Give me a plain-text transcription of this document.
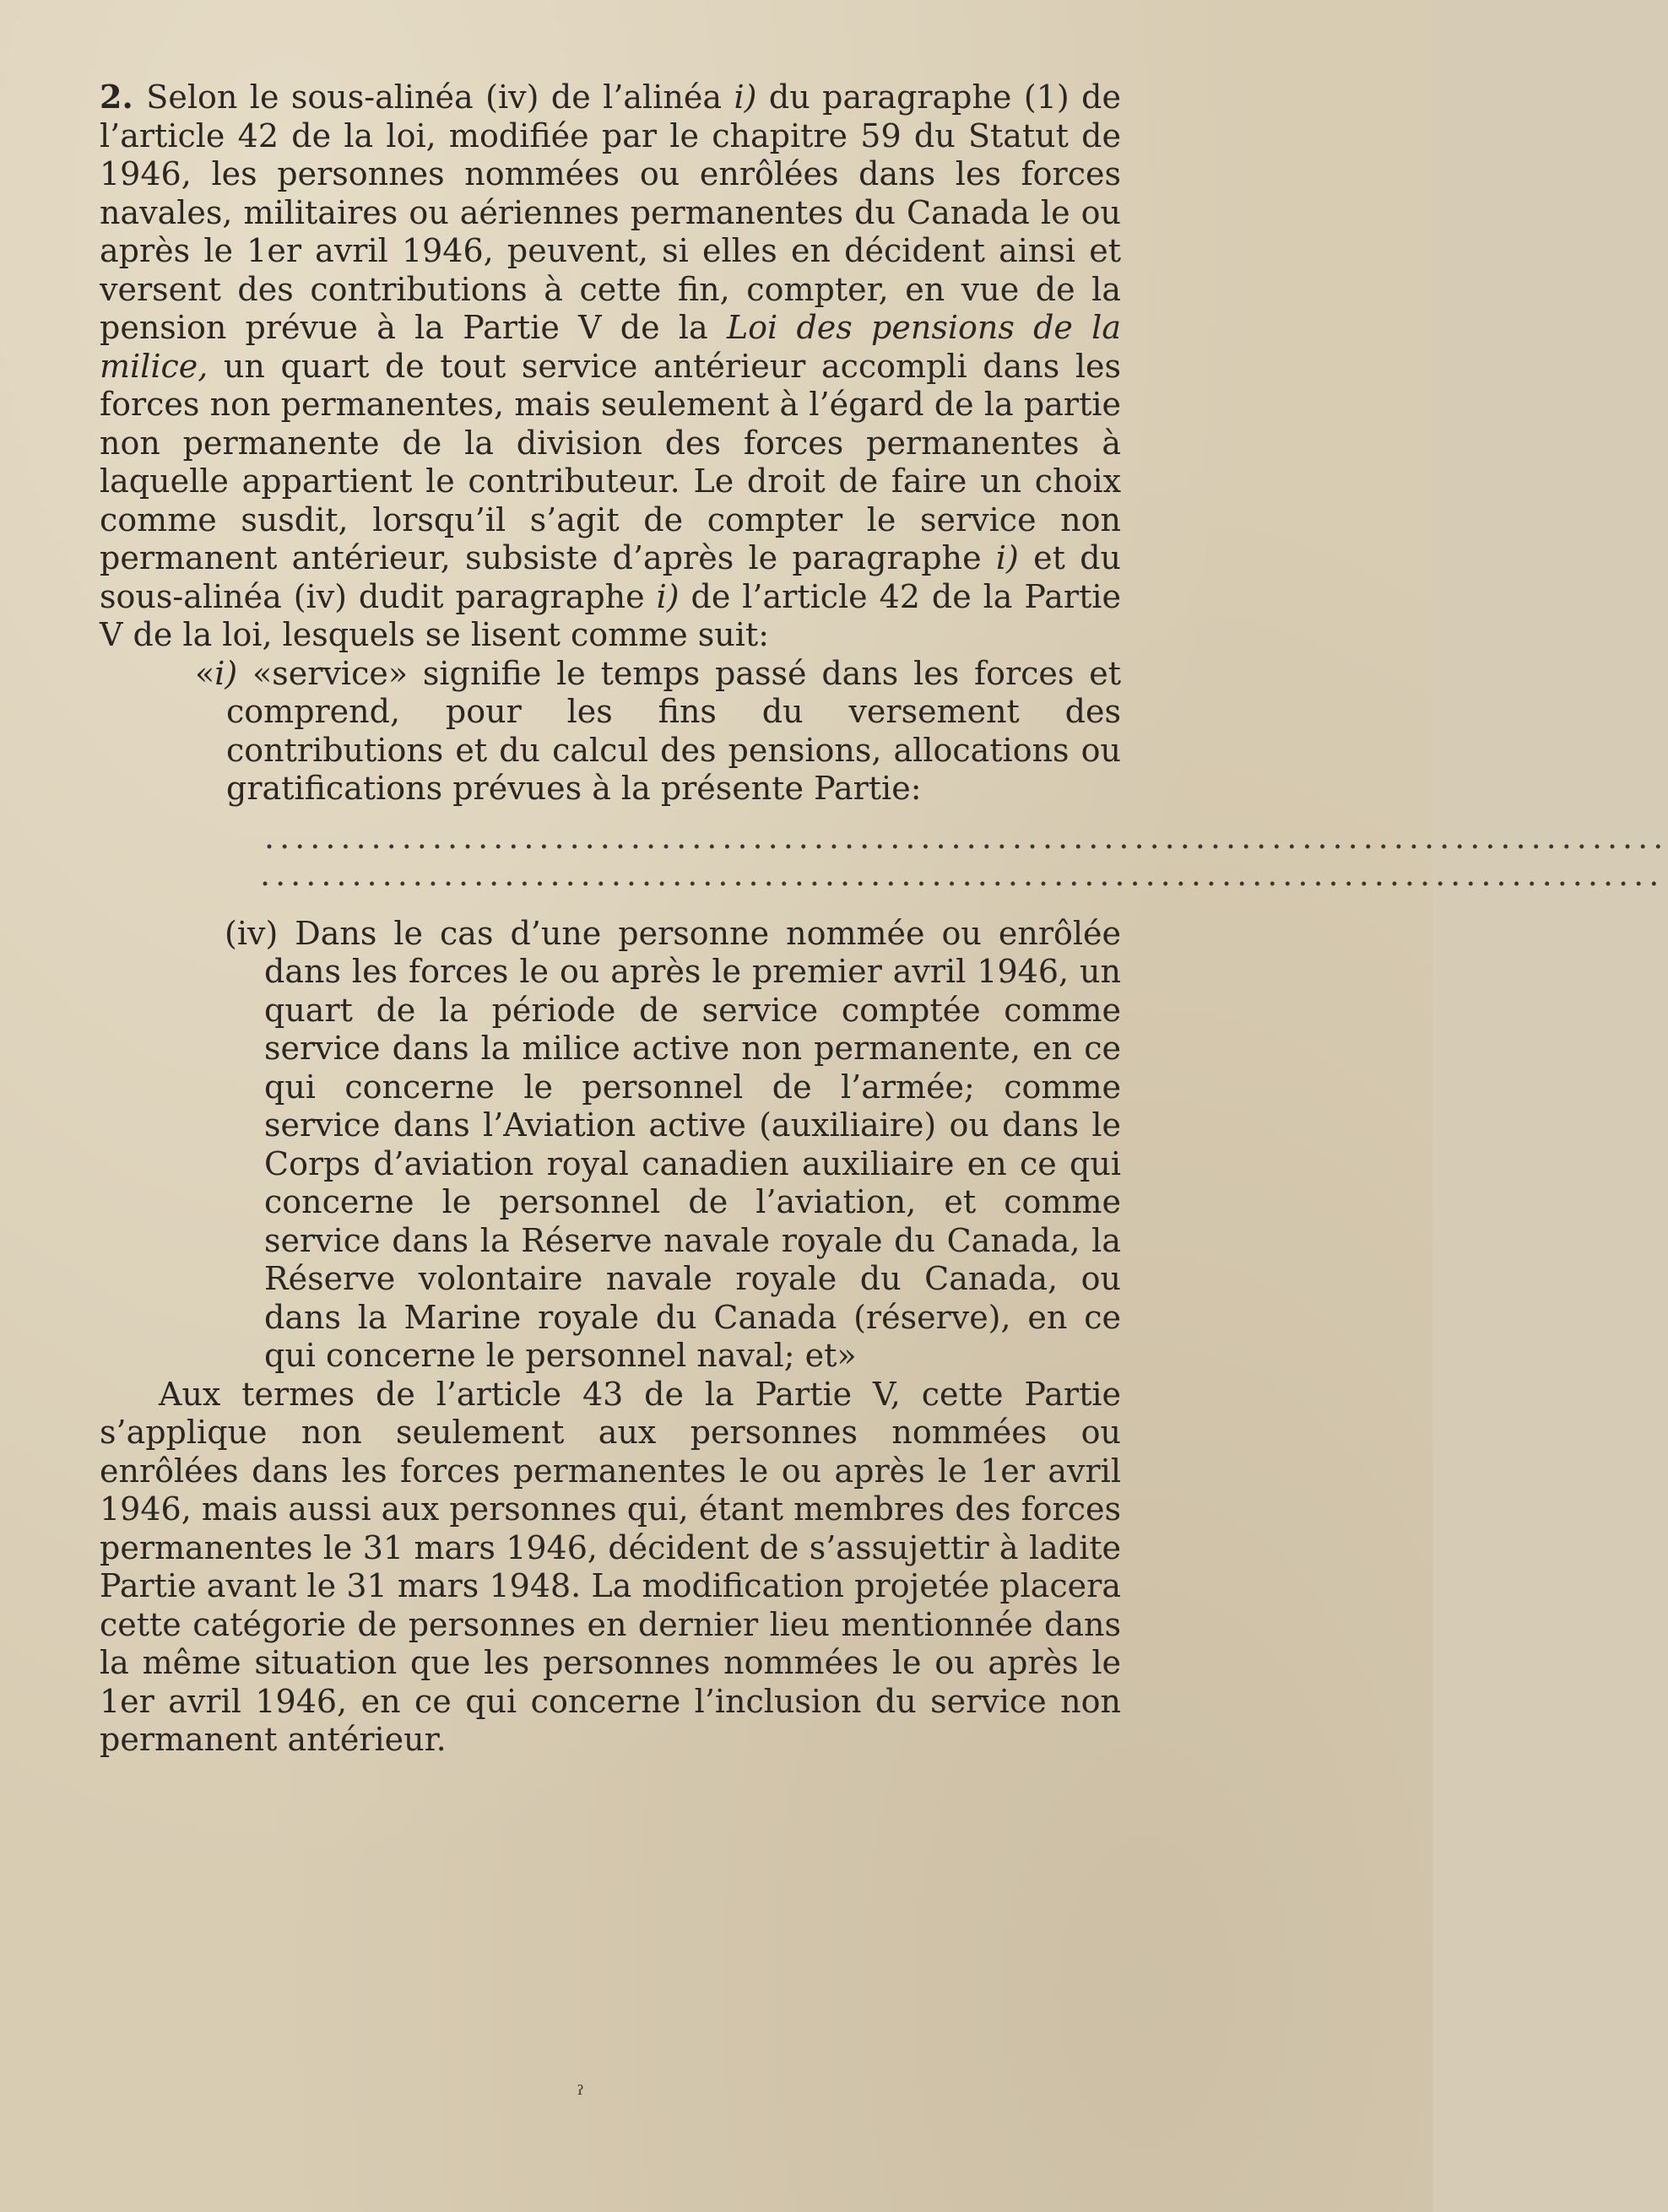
2. Selon le sous-alinéa (iv) de l’alinéa i) du paragraphe (1) de l’article 42 de la loi, modifiée par le chapitre 59 du Statut de 1946, les personnes nommées ou enrôlées dans les forces navales, militaires ou aériennes permanentes du Canada le ou après le 1er avril 1946, peuvent, si elles en décident ainsi et versent des contributions à cette fin, compter, en vue de la pension prévue à la Partie V de la Loi des pensions de la milice, un quart de tout service antérieur accompli dans les forces non permanentes, mais seulement à l’égard de la partie non permanente de la division des forces permanentes à laquelle appartient le contributeur. Le droit de faire un choix comme susdit, lorsqu’il s’agit de compter le service non permanent antérieur, subsiste d’après le paragraphe i) et du sous-alinéa (iv) dudit paragraphe i) de l’article 42 de la Partie V de la loi, lesquels se lisent comme suit:

«i) «service» signifie le temps passé dans les forces et comprend, pour les fins du versement des contributions et du calcul des pensions, allocations ou gratifications prévues à la présente Partie:

............................................................................................
............................................................................................

(iv) Dans le cas d’une personne nommée ou enrôlée dans les forces le ou après le premier avril 1946, un quart de la période de service comptée comme service dans la milice active non permanente, en ce qui concerne le personnel de l’armée; comme service dans l’Aviation active (auxiliaire) ou dans le Corps d’aviation royal canadien auxiliaire en ce qui concerne le personnel de l’aviation, et comme service dans la Réserve navale royale du Canada, la Réserve volontaire navale royale du Canada, ou dans la Marine royale du Canada (réserve), en ce qui concerne le personnel naval; et»

Aux termes de l’article 43 de la Partie V, cette Partie s’applique non seulement aux personnes nommées ou enrôlées dans les forces permanentes le ou après le 1er avril 1946, mais aussi aux personnes qui, étant membres des forces permanentes le 31 mars 1946, décident de s’assujettir à ladite Partie avant le 31 mars 1948. La modification projetée placera cette catégorie de personnes en dernier lieu mentionnée dans la même situation que les personnes nommées le ou après le 1er avril 1946, en ce qui concerne l’inclusion du service non permanent antérieur.

ˀ
